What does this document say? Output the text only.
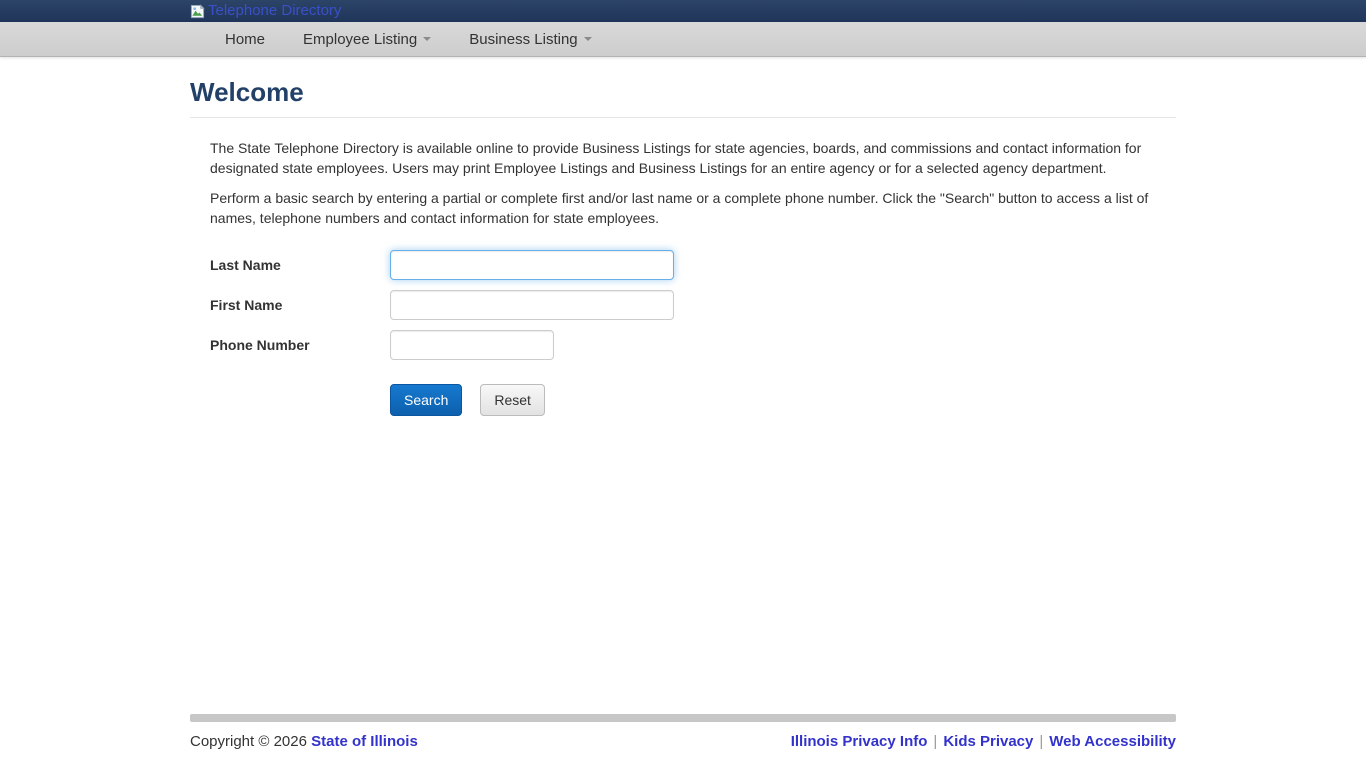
Telephone Directory
Home	Employee Listing	Business Listing
Welcome

The State Telephone Directory is available online to provide Business Listings for state agencies, boards, and commissions and contact information for designated state employees. Users may print Employee Listings and Business Listings for an entire agency or for a selected agency department.

Perform a basic search by entering a partial or complete first and/or last name or a complete phone number. Click the "Search" button to access a list of names, telephone numbers and contact information for state employees.

Last Name
First Name
Phone Number
Search	Reset
Copyright © 2026 State of Illinois	Illinois Privacy Info | Kids Privacy | Web Accessibility
